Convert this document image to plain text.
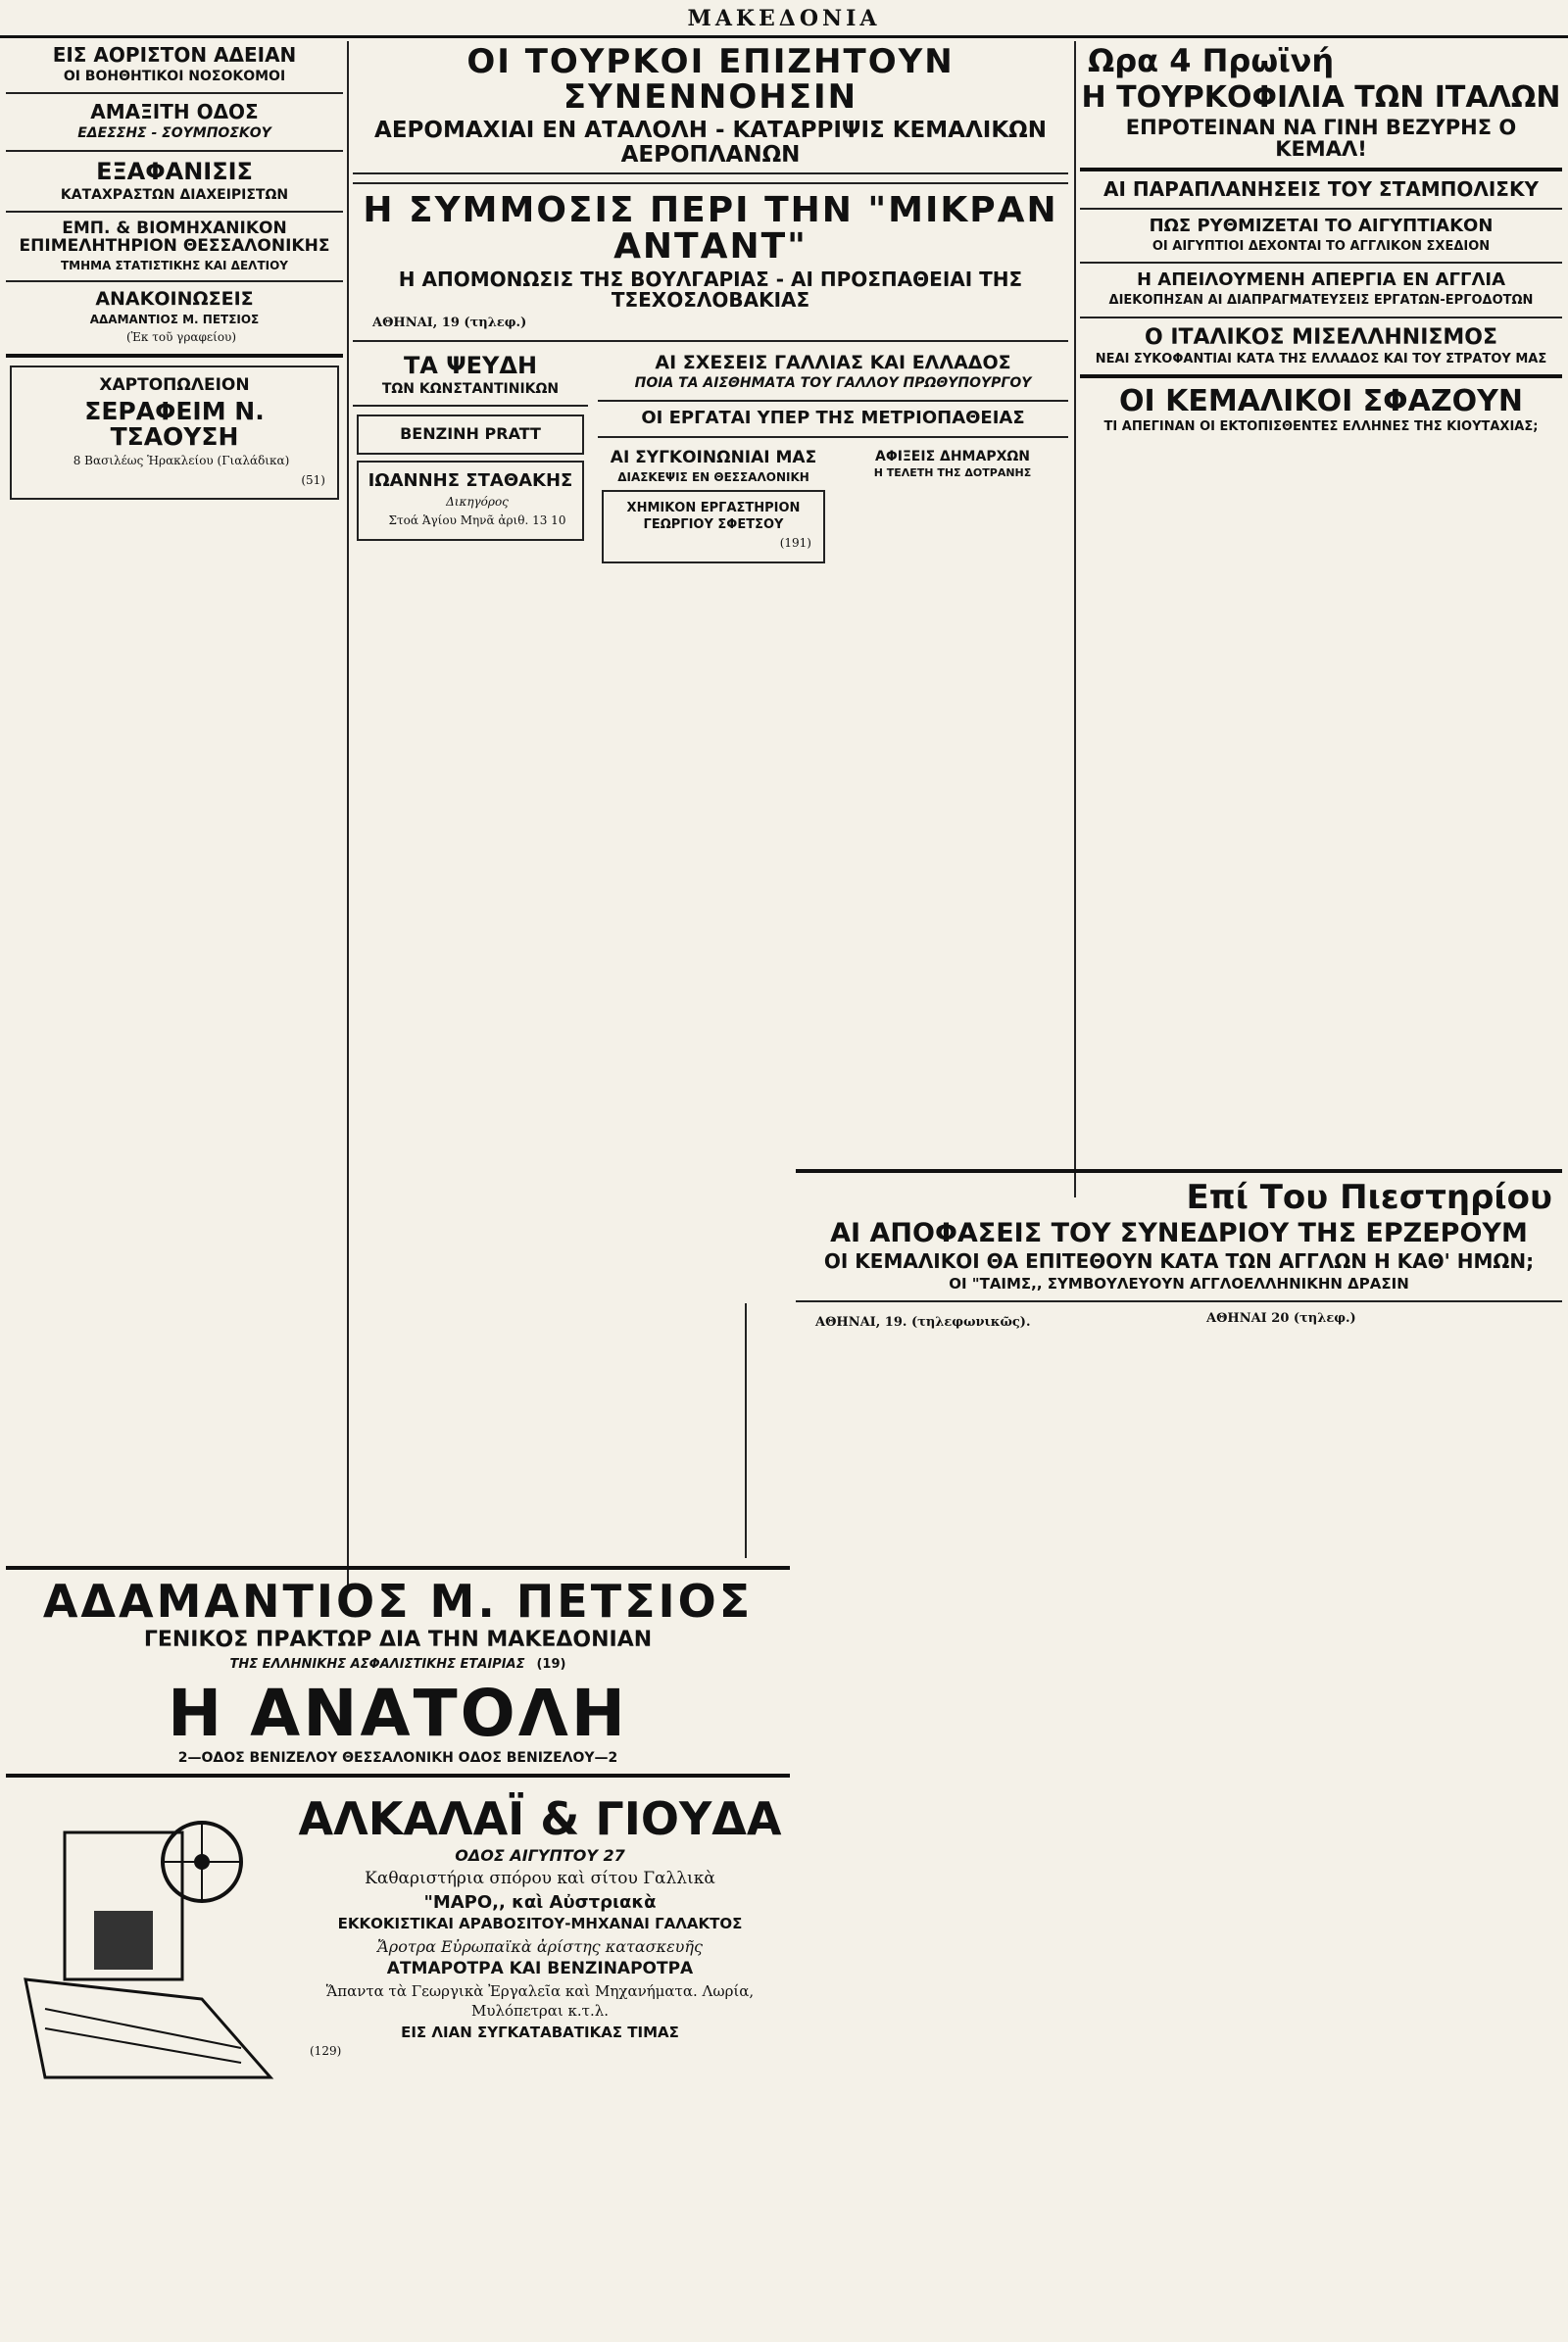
ΜΑΚΕΔΟΝΙΑ
ΕΙΣ ΑΟΡΙΣΤΟΝ ΑΔΕΙΑΝ
ΟΙ ΒΟΗΘΗΤΙΚΟΙ ΝΟΣΟΚΟΜΟΙ
ΑΜΑΞΙΤΗ ΟΔΟΣ
ΕΔΕΣΣΗΣ - ΣΟΥΜΠΟΣΚΟΥ
ΕΞΑΦΑΝΙΣΙΣ
ΚΑΤΑΧΡΑΣΤΩΝ ΔΙΑΧΕΙΡΙΣΤΩΝ
ΕΜΠ. & ΒΙΟΜΗΧΑΝΙΚΟΝ ΕΠΙΜΕΛΗΤΗΡΙΟΝ ΘΕΣΣΑΛΟΝΙΚΗΣ
ΤΜΗΜΑ ΣΤΑΤΙΣΤΙΚΗΣ ΚΑΙ ΔΕΛΤΙΟΥ
ΑΝΑΚΟΙΝΩΣΕΙΣ
ΑΔΑΜΑΝΤΙΟΣ Μ. ΠΕΤΣΙΟΣ
(Ἐκ τοῦ γραφείου)
ΧΑΡΤΟΠΩΛΕΙΟΝ
ΣΕΡΑΦΕΙΜ Ν. ΤΣΑΟΥΣΗ
8 Βασιλέως Ἡρακλείου (Γιαλάδικα)
(51)
ΟΙ ΤΟΥΡΚΟΙ ΕΠΙΖΗΤΟΥΝ ΣΥΝΕΝΝΟΗΣΙΝ
ΑΕΡΟΜΑΧΙΑΙ ΕΝ ΑΤΑΛΟΛΗ - ΚΑΤΑΡΡΙΨΙΣ ΚΕΜΑΛΙΚΩΝ ΑΕΡΟΠΛΑΝΩΝ
Η ΣΥΜΜΟΣΙΣ ΠΕΡΙ ΤΗΝ "ΜΙΚΡΑΝ ΑΝΤΑΝΤ"
Η ΑΠΟΜΟΝΩΣΙΣ ΤΗΣ ΒΟΥΛΓΑΡΙΑΣ - ΑΙ ΠΡΟΣΠΑΘΕΙΑΙ ΤΗΣ ΤΣΕΧΟΣΛΟΒΑΚΙΑΣ
ΑΘΗΝΑΙ, 19 (τηλεφ.)
ΤΑ ΨΕΥΔΗ
ΤΩΝ ΚΩΝΣΤΑΝΤΙΝΙΚΩΝ
ΒΕΝΖΙΝΗ PRATT
ΙΩΑΝΝΗΣ ΣΤΑΘΑΚΗΣ
Δικηγόρος
Στοά Ἁγίου Μηνᾶ ἀριθ. 13 10
ΑΙ ΣΧΕΣΕΙΣ ΓΑΛΛΙΑΣ ΚΑΙ ΕΛΛΑΔΟΣ
ΠΟΙΑ ΤΑ ΑΙΣΘΗΜΑΤΑ ΤΟΥ ΓΑΛΛΟΥ ΠΡΩΘΥΠΟΥΡΓΟΥ
ΟΙ ΕΡΓΑΤΑΙ ΥΠΕΡ ΤΗΣ ΜΕΤΡΙΟΠΑΘΕΙΑΣ
ΑΙ ΣΥΓΚΟΙΝΩΝΙΑΙ ΜΑΣ
ΔΙΑΣΚΕΨΙΣ ΕΝ ΘΕΣΣΑΛΟΝΙΚΗ
ΧΗΜΙΚΟΝ ΕΡΓΑΣΤΗΡΙΟΝ
ΓΕΩΡΓΙΟΥ ΣΦΕΤΣΟΥ
(191)
ΑΦΙΞΕΙΣ ΔΗΜΑΡΧΩΝ
Η ΤΕΛΕΤΗ ΤΗΣ ΔΟΤΡΑΝΗΣ
Ωρα 4 Πρωϊνή
Η ΤΟΥΡΚΟΦΙΛΙΑ ΤΩΝ ΙΤΑΛΩΝ
ΕΠΡΟΤΕΙΝΑΝ ΝΑ ΓΙΝΗ ΒΕΖΥΡΗΣ Ο ΚΕΜΑΛ!
ΑΙ ΠΑΡΑΠΛΑΝΗΣΕΙΣ ΤΟΥ ΣΤΑΜΠΟΛΙΣΚΥ
ΠΩΣ ΡΥΘΜΙΖΕΤΑΙ ΤΟ ΑΙΓΥΠΤΙΑΚΟΝ
ΟΙ ΑΙΓΥΠΤΙΟΙ ΔΕΧΟΝΤΑΙ ΤΟ ΑΓΓΛΙΚΟΝ ΣΧΕΔΙΟΝ
Η ΑΠΕΙΛΟΥΜΕΝΗ ΑΠΕΡΓΙΑ ΕΝ ΑΓΓΛΙΑ
ΔΙΕΚΟΠΗΣΑΝ ΑΙ ΔΙΑΠΡΑΓΜΑΤΕΥΣΕΙΣ ΕΡΓΑΤΩΝ-ΕΡΓΟΔΟΤΩΝ
Ο ΙΤΑΛΙΚΟΣ ΜΙΣΕΛΛΗΝΙΣΜΟΣ
ΝΕΑΙ ΣΥΚΟΦΑΝΤΙΑΙ ΚΑΤΑ ΤΗΣ ΕΛΛΑΔΟΣ ΚΑΙ ΤΟΥ ΣΤΡΑΤΟΥ ΜΑΣ
ΟΙ ΚΕΜΑΛΙΚΟΙ ΣΦΑΖΟΥΝ
ΤΙ ΑΠΕΓΙΝΑΝ ΟΙ ΕΚΤΟΠΙΣΘΕΝΤΕΣ ΕΛΛΗΝΕΣ ΤΗΣ ΚΙΟΥΤΑΧΙΑΣ;
ΑΔΑΜΑΝΤΙΟΣ Μ. ΠΕΤΣΙΟΣ
ΓΕΝΙΚΟΣ ΠΡΑΚΤΩΡ ΔΙΑ ΤΗΝ ΜΑΚΕΔΟΝΙΑΝ
ΤΗΣ ΕΛΛΗΝΙΚΗΣ ΑΣΦΑΛΙΣΤΙΚΗΣ ΕΤΑΙΡΙΑΣ (19)
Η ΑΝΑΤΟΛΗ
2—ΟΔΟΣ ΒΕΝΙΖΕΛΟΥ ΘΕΣΣΑΛΟΝΙΚΗ ΟΔΟΣ ΒΕΝΙΖΕΛΟΥ—2
ΑΛΚΑΛΑΪ & ΓΙΟΥΔΑ
ΟΔΟΣ ΑΙΓΥΠΤΟΥ 27
Καθαριστήρια σπόρου καὶ σίτου Γαλλικὰ
"ΜΑΡΟ,, καὶ Αὐστριακὰ
ΕΚΚΟΚΙΣΤΙΚΑΙ ΑΡΑΒΟΣΙΤΟΥ-ΜΗΧΑΝΑΙ ΓΑΛΑΚΤΟΣ
Ἄροτρα Εὐρωπαϊκὰ ἀρίστης κατασκευῆς
ΑΤΜΑΡΟΤΡΑ ΚΑΙ ΒΕΝΖΙΝΑΡΟΤΡΑ
Ἅπαντα τὰ Γεωργικὰ Ἐργαλεῖα καὶ Μηχανήματα. Λωρία, Μυλόπετραι κ.τ.λ.
ΕΙΣ ΛΙΑΝ ΣΥΓΚΑΤΑΒΑΤΙΚΑΣ ΤΙΜΑΣ
(129)
Επί Του Πιεστηρίου
ΑΙ ΑΠΟΦΑΣΕΙΣ ΤΟΥ ΣΥΝΕΔΡΙΟΥ ΤΗΣ ΕΡΖΕΡΟΥΜ
ΟΙ ΚΕΜΑΛΙΚΟΙ ΘΑ ΕΠΙΤΕΘΟΥΝ ΚΑΤΑ ΤΩΝ ΑΓΓΛΩΝ Η ΚΑΘ' ΗΜΩΝ;
ΟΙ "ΤΑΙΜΣ,, ΣΥΜΒΟΥΛΕΥΟΥΝ ΑΓΓΛΟΕΛΛΗΝΙΚΗΝ ΔΡΑΣΙΝ
ΑΘΗΝΑΙ, 19. (τηλεφωνικῶς).	ΑΘΗΝΑΙ 20 (τηλεφ.)
